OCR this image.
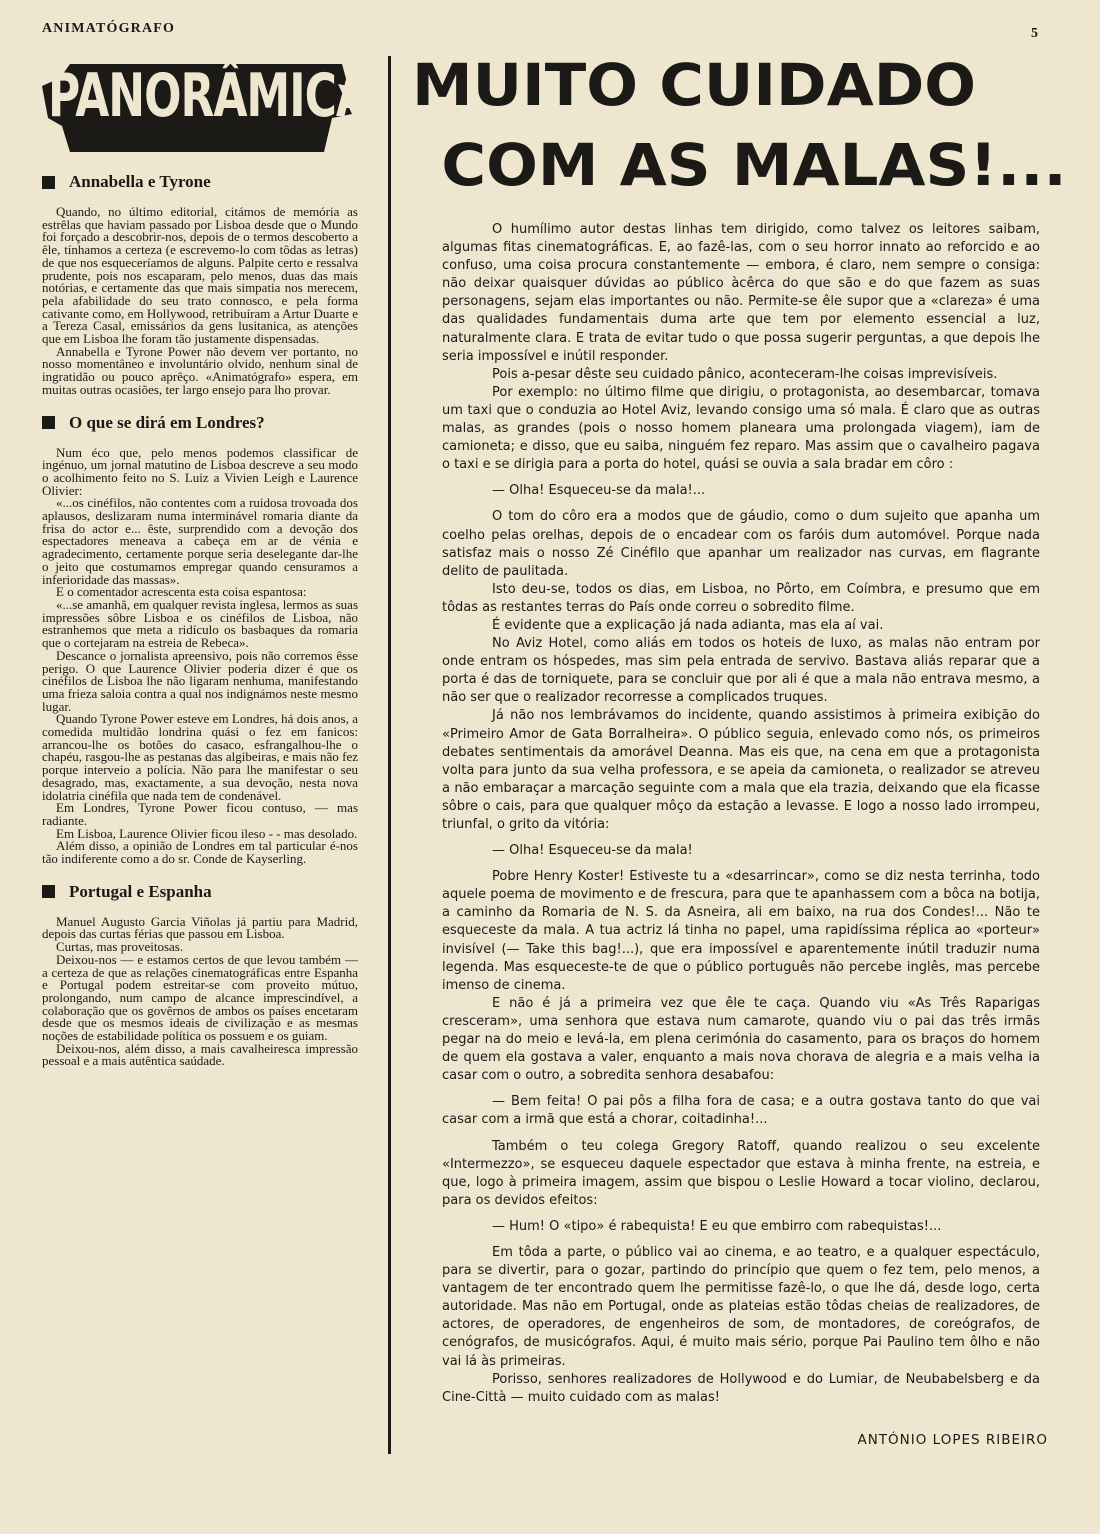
ANIMATÓGRAFO	5
PANORÂMICA
Annabella e Tyrone

Quando, no último editorial, citámos de memória as estrêlas que haviam passado por Lisboa desde que o Mundo foi forçado a descobrir-nos, depois de o termos descoberto a êle, tínhamos a certeza (e escrevemo-lo com tôdas as letras) de que nos esqueceríamos de alguns. Palpite certo e ressalva prudente, pois nos escaparam, pelo menos, duas das mais notórias, e certamente das que mais simpatia nos merecem, pela afabilidade do seu trato connosco, e pela forma cativante como, em Hollywood, retribuíram a Artur Duarte e a Tereza Casal, emissários da gens lusitanica, as atenções que em Lisboa lhe foram tão justamente dispensadas.

Annabella e Tyrone Power não devem ver portanto, no nosso momentâneo e involuntário olvido, nenhum sinal de ingratidão ou pouco aprêço. «Animatógrafo» espera, em muitas outras ocasiões, ter largo ensejo para lho provar.

O que se dirá em Londres?

Num éco que, pelo menos podemos classificar de ingénuo, um jornal matutino de Lisboa descreve a seu modo o acolhimento feito no S. Luiz a Vivien Leigh e Laurence Olivier:

«...os cinéfilos, não contentes com a ruidosa trovoada dos aplausos, deslizaram numa interminável romaria diante da frisa do actor e... êste, surprendido com a devoção dos espectadores meneava a cabeça em ar de vénia e agradecimento, certamente porque seria deselegante dar-lhe o jeito que costumamos empregar quando censuramos a inferioridade das massas».

E o comentador acrescenta esta coisa espantosa:

«...se amanhã, em qualquer revista inglesa, lermos as suas impressões sôbre Lisboa e os cinéfilos de Lisboa, não estranhemos que meta a ridículo os basbaques da romaria que o cortejaram na estreia de Rebeca».

Descance o jornalista apreensivo, pois não corremos êsse perigo. O que Laurence Olivier poderia dizer é que os cinéfilos de Lisboa lhe não ligaram nenhuma, manifestando uma frieza saloia contra a qual nos indignámos neste mesmo lugar.

Quando Tyrone Power esteve em Londres, há dois anos, a comedida multidão londrina quási o fez em fanicos: arrancou-lhe os botões do casaco, esfrangalhou-lhe o chapéu, rasgou-lhe as pestanas das algibeiras, e mais não fez porque interveio a polícia. Não para lhe manifestar o seu desagrado, mas, exactamente, a sua devoção, nesta nova idolatria cinéfila que nada tem de condenável.

Em Londres, Tyrone Power ficou contuso, — mas radiante.

Em Lisboa, Laurence Olivier ficou ileso - - mas desolado.

Além disso, a opinião de Londres em tal particular é-nos tão indiferente como a do sr. Conde de Kayserling.

Portugal e Espanha

Manuel Augusto Garcia Viñolas já partiu para Madrid, depois das curtas férias que passou em Lisboa.

Curtas, mas proveitosas.

Deixou-nos — e estamos certos de que levou também — a certeza de que as relações cinematográficas entre Espanha e Portugal podem estreitar-se com proveito mútuo, prolongando, num campo de alcance imprescindível, a colaboração que os govêrnos de ambos os países encetaram desde que os mesmos ideais de civilização e as mesmas noções de estabilidade política os possuem e os guiam.

Deixou-nos, além disso, a mais cavalheiresca impressão pessoal e a mais autêntica saúdade.

MUITO CUIDADO
COM AS MALAS!...

O humílimo autor destas linhas tem dirigido, como talvez os leitores saibam, algumas fitas cinematográficas. E, ao fazê-las, com o seu horror innato ao reforcido e ao confuso, uma coisa procura constantemente — embora, é claro, nem sempre o consiga: não deixar quaisquer dúvidas ao público àcêrca do que são e do que fazem as suas personagens, sejam elas importantes ou não. Permite-se êle supor que a «clareza» é uma das qualidades fundamentais duma arte que tem por elemento essencial a luz, naturalmente clara. E trata de evitar tudo o que possa sugerir perguntas, a que depois lhe seria impossível e inútil responder.

Pois a-pesar dêste seu cuidado pânico, aconteceram-lhe coisas imprevisíveis.

Por exemplo: no último filme que dirigiu, o protagonista, ao desembarcar, tomava um taxi que o conduzia ao Hotel Aviz, levando consigo uma só mala. É claro que as outras malas, as grandes (pois o nosso homem planeara uma prolongada viagem), iam de camioneta; e disso, que eu saiba, ninguém fez reparo. Mas assim que o cavalheiro pagava o taxi e se dirigia para a porta do hotel, quási se ouvia a sala bradar em côro :

— Olha! Esqueceu-se da mala!...

O tom do côro era a modos que de gáudio, como o dum sujeito que apanha um coelho pelas orelhas, depois de o encadear com os faróis dum automóvel. Porque nada satisfaz mais o nosso Zé Cinéfilo que apanhar um realizador nas curvas, em flagrante delito de paulitada.

Isto deu-se, todos os dias, em Lisboa, no Pôrto, em Coímbra, e presumo que em tôdas as restantes terras do País onde correu o sobredito filme.

É evidente que a explicação já nada adianta, mas ela aí vai.

No Aviz Hotel, como aliás em todos os hoteis de luxo, as malas não entram por onde entram os hóspedes, mas sim pela entrada de servivo. Bastava aliás reparar que a porta é das de torniquete, para se concluir que por ali é que a mala não entrava mesmo, a não ser que o realizador recorresse a complicados truques.

Já não nos lembrávamos do incidente, quando assistimos à primeira exibição do «Primeiro Amor de Gata Borralheira». O público seguia, enlevado como nós, os primeiros debates sentimentais da amorável Deanna. Mas eis que, na cena em que a protagonista volta para junto da sua velha professora, e se apeia da camioneta, o realizador se atreveu a não embaraçar a marcação seguinte com a mala que ela trazia, deixando que ela ficasse sôbre o cais, para que qualquer môço da estação a levasse. E logo a nosso lado irrompeu, triunfal, o grito da vitória:

— Olha! Esqueceu-se da mala!

Pobre Henry Koster! Estiveste tu a «desarrincar», como se diz nesta terrinha, todo aquele poema de movimento e de frescura, para que te apanhassem com a bôca na botija, a caminho da Romaria de N. S. da Asneira, ali em baixo, na rua dos Condes!... Não te esqueceste da mala. A tua actriz lá tinha no papel, uma rapidíssima réplica ao «porteur» invisível (— Take this bag!...), que era impossível e aparentemente inútil traduzir numa legenda. Mas esqueceste-te de que o público português não percebe inglês, mas percebe imenso de cinema.

E não é já a primeira vez que êle te caça. Quando viu «As Três Raparigas cresceram», uma senhora que estava num camarote, quando viu o pai das três irmãs pegar na do meio e levá-la, em plena cerimónia do casamento, para os braços do homem de quem ela gostava a valer, enquanto a mais nova chorava de alegria e a mais velha ia casar com o outro, a sobredita senhora desabafou:

— Bem feita! O pai pôs a filha fora de casa; e a outra gostava tanto do que vai casar com a irmã que está a chorar, coitadinha!...

Também o teu colega Gregory Ratoff, quando realizou o seu excelente «Intermezzo», se esqueceu daquele espectador que estava à minha frente, na estreia, e que, logo à primeira imagem, assim que bispou o Leslie Howard a tocar violino, declarou, para os devidos efeitos:

— Hum! O «tipo» é rabequista! E eu que embirro com rabequistas!...

Em tôda a parte, o público vai ao cinema, e ao teatro, e a qualquer espectáculo, para se divertir, para o gozar, partindo do princípio que quem o fez tem, pelo menos, a vantagem de ter encontrado quem lhe permitisse fazê-lo, o que lhe dá, desde logo, certa autoridade. Mas não em Portugal, onde as plateias estão tôdas cheias de realizadores, de actores, de operadores, de engenheiros de som, de montadores, de coreógrafos, de cenógrafos, de musicógrafos. Aqui, é muito mais sério, porque Pai Paulino tem ôlho e não vai lá às primeiras.

Porisso, senhores realizadores de Hollywood e do Lumiar, de Neubabelsberg e da Cine-Città — muito cuidado com as malas!

ANTÓNIO LOPES RIBEIRO
